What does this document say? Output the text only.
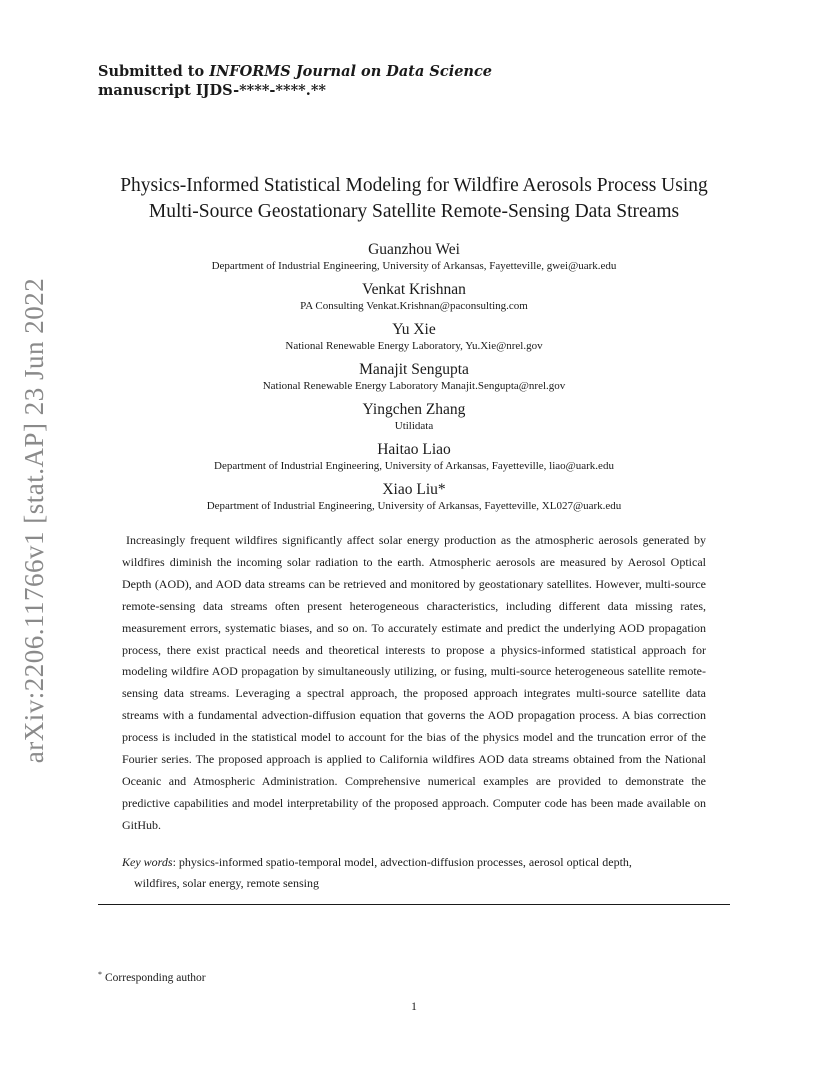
arXiv:2206.11766v1 [stat.AP] 23 Jun 2022
Submitted to INFORMS Journal on Data Science
manuscript IJDS-****-****.**
Physics-Informed Statistical Modeling for Wildfire Aerosols Process Using
Multi-Source Geostationary Satellite Remote-Sensing Data Streams
Guanzhou Wei
Department of Industrial Engineering, University of Arkansas, Fayetteville, gwei@uark.edu
Venkat Krishnan
PA Consulting Venkat.Krishnan@paconsulting.com
Yu Xie
National Renewable Energy Laboratory, Yu.Xie@nrel.gov
Manajit Sengupta
National Renewable Energy Laboratory Manajit.Sengupta@nrel.gov
Yingchen Zhang
Utilidata
Haitao Liao
Department of Industrial Engineering, University of Arkansas, Fayetteville, liao@uark.edu
Xiao Liu*
Department of Industrial Engineering, University of Arkansas, Fayetteville, XL027@uark.edu
Increasingly frequent wildfires significantly affect solar energy production as the atmospheric aerosols generated by wildfires diminish the incoming solar radiation to the earth. Atmospheric aerosols are measured by Aerosol Optical Depth (AOD), and AOD data streams can be retrieved and monitored by geostationary satellites. However, multi-source remote-sensing data streams often present heterogeneous characteristics, including different data missing rates, measurement errors, systematic biases, and so on. To accurately estimate and predict the underlying AOD propagation process, there exist practical needs and theoretical interests to propose a physics-informed statistical approach for modeling wildfire AOD propagation by simultaneously utilizing, or fusing, multi-source heterogeneous satellite remote-sensing data streams. Leveraging a spectral approach, the proposed approach integrates multi-source satellite data streams with a fundamental advection-diffusion equation that governs the AOD propagation process. A bias correction process is included in the statistical model to account for the bias of the physics model and the truncation error of the Fourier series. The proposed approach is applied to California wildfires AOD data streams obtained from the National Oceanic and Atmospheric Administration. Comprehensive numerical examples are provided to demonstrate the predictive capabilities and model interpretability of the proposed approach. Computer code has been made available on GitHub.
Key words: physics-informed spatio-temporal model, advection-diffusion processes, aerosol optical depth,
wildfires, solar energy, remote sensing
* Corresponding author
1
